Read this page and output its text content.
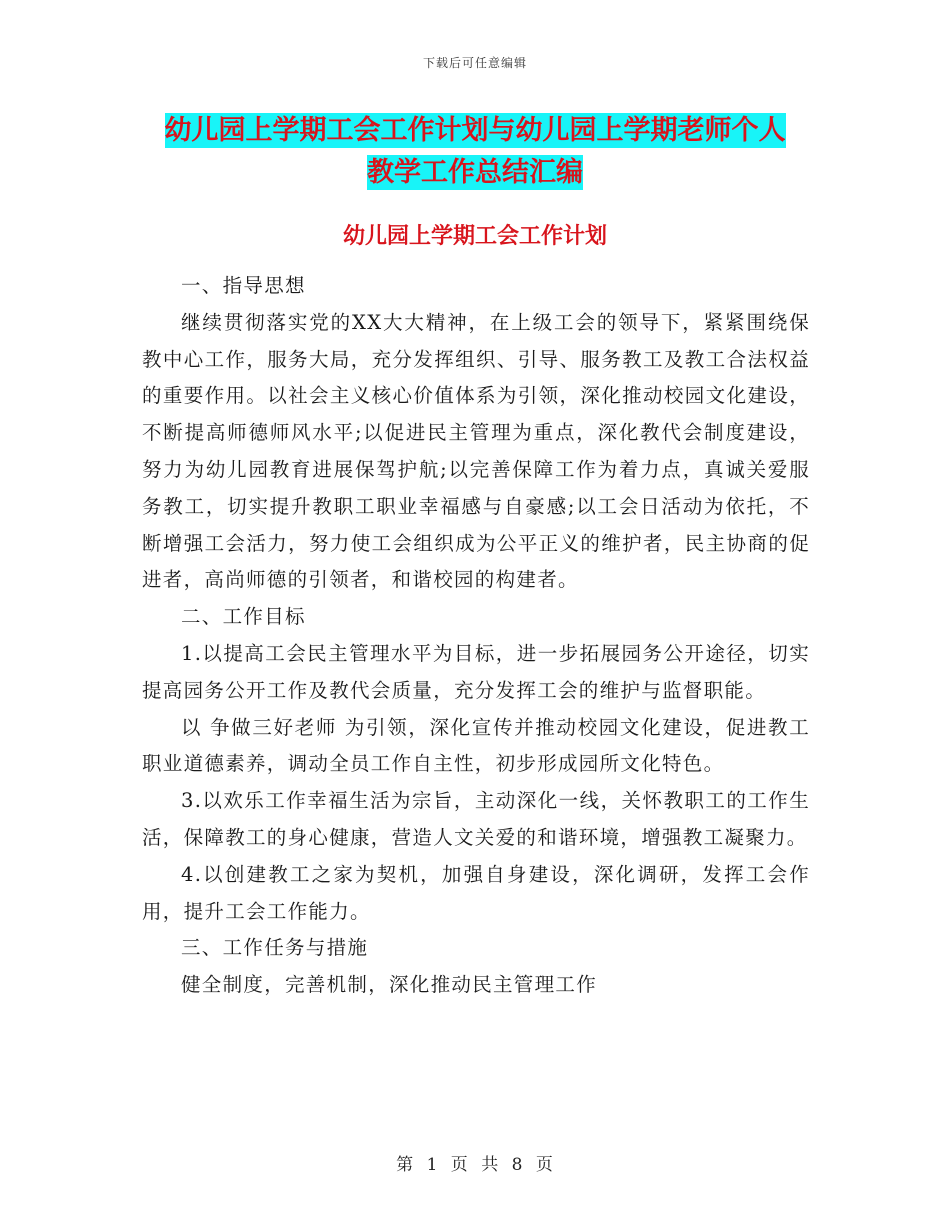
下载后可任意编辑
幼儿园上学期工会工作计划与幼儿园上学期老师个人
教学工作总结汇编
幼儿园上学期工会工作计划

一、指导思想

继续贯彻落实党的XX大大精神，在上级工会的领导下，紧紧围绕保教中心工作，服务大局，充分发挥组织、引导、服务教工及教工合法权益的重要作用。以社会主义核心价值体系为引领，深化推动校园文化建设，不断提高师德师风水平;以促进民主管理为重点，深化教代会制度建设，努力为幼儿园教育进展保驾护航;以完善保障工作为着力点，真诚关爱服务教工，切实提升教职工职业幸福感与自豪感;以工会日活动为依托，不断增强工会活力，努力使工会组织成为公平正义的维护者，民主协商的促进者，高尚师德的引领者，和谐校园的构建者。

二、工作目标

1.以提高工会民主管理水平为目标，进一步拓展园务公开途径，切实提高园务公开工作及教代会质量，充分发挥工会的维护与监督职能。

以 争做三好老师 为引领，深化宣传并推动校园文化建设，促进教工职业道德素养，调动全员工作自主性，初步形成园所文化特色。

3.以欢乐工作幸福生活为宗旨，主动深化一线，关怀教职工的工作生活，保障教工的身心健康，营造人文关爱的和谐环境，增强教工凝聚力。

4.以创建教工之家为契机，加强自身建设，深化调研，发挥工会作用，提升工会工作能力。

三、工作任务与措施

健全制度，完善机制，深化推动民主管理工作

第 1 页 共 8 页
